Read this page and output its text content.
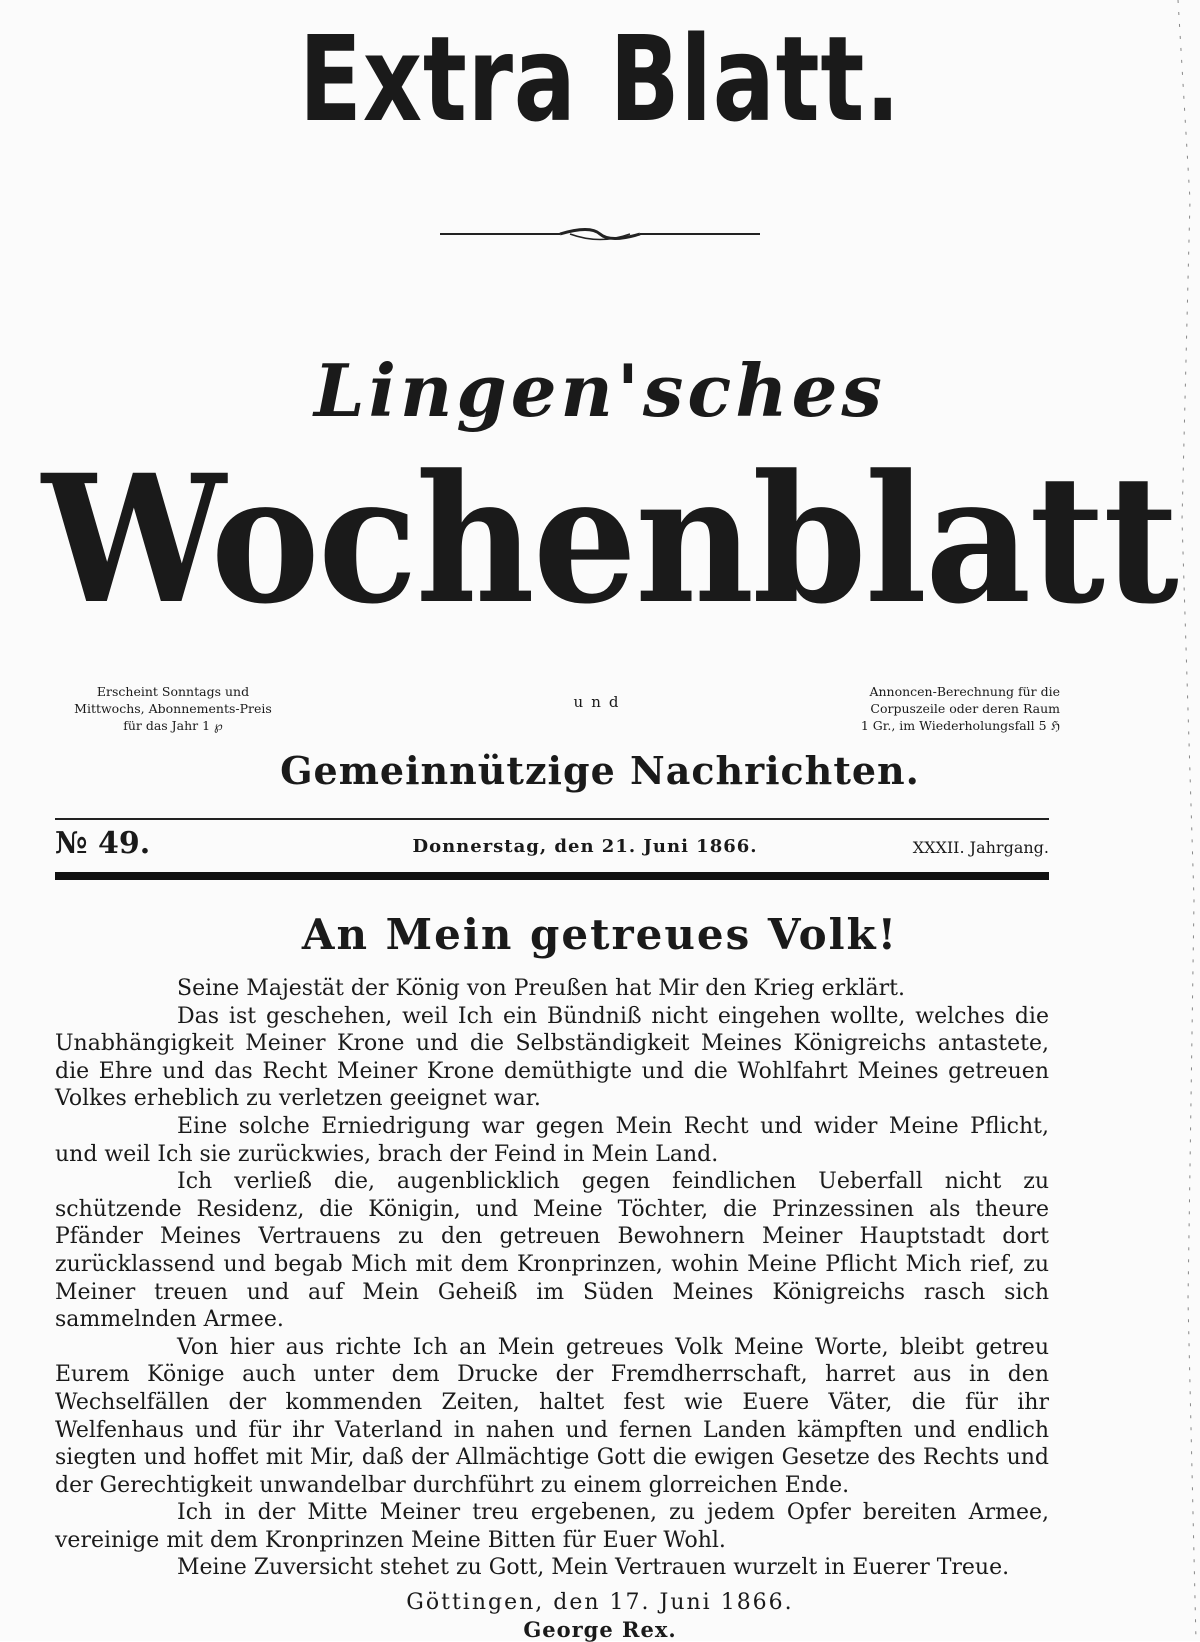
Extra Blatt.
Lingen'sches
Wochenblatt
Erscheint Sonntags und
Mittwochs, Abonnements-Preis
für das Jahr 1 ℘
und
Annoncen-Berechnung für die
Corpuszeile oder deren Raum
1 Gr., im Wiederholungsfall 5 ℌ
Gemeinnützige Nachrichten.
№ 49.	Donnerstag, den 21. Juni 1866.	XXXII. Jahrgang.
An Mein getreues Volk!

Seine Majestät der König von Preußen hat Mir den Krieg erklärt.

Das ist geschehen, weil Ich ein Bündniß nicht eingehen wollte, welches die Unabhängigkeit Meiner Krone und die Selbständigkeit Meines Königreichs antastete, die Ehre und das Recht Meiner Krone demüthigte und die Wohlfahrt Meines getreuen Volkes erheblich zu verletzen geeignet war.

Eine solche Erniedrigung war gegen Mein Recht und wider Meine Pflicht, und weil Ich sie zurückwies, brach der Feind in Mein Land.

Ich verließ die, augenblicklich gegen feindlichen Ueberfall nicht zu schützende Residenz, die Königin, und Meine Töchter, die Prinzessinen als theure Pfänder Meines Vertrauens zu den getreuen Bewohnern Meiner Hauptstadt dort zurücklassend und begab Mich mit dem Kronprinzen, wohin Meine Pflicht Mich rief, zu Meiner treuen und auf Mein Geheiß im Süden Meines Königreichs rasch sich sammelnden Armee.

Von hier aus richte Ich an Mein getreues Volk Meine Worte, bleibt getreu Eurem Könige auch unter dem Drucke der Fremdherrschaft, harret aus in den Wechselfällen der kommenden Zeiten, haltet fest wie Euere Väter, die für ihr Welfenhaus und für ihr Vaterland in nahen und fernen Landen kämpften und endlich siegten und hoffet mit Mir, daß der Allmächtige Gott die ewigen Gesetze des Rechts und der Gerechtigkeit unwandelbar durchführt zu einem glorreichen Ende.

Ich in der Mitte Meiner treu ergebenen, zu jedem Opfer bereiten Armee, vereinige mit dem Kronprinzen Meine Bitten für Euer Wohl.

Meine Zuversicht stehet zu Gott, Mein Vertrauen wurzelt in Euerer Treue.

Göttingen, den 17. Juni 1866.
George Rex.
